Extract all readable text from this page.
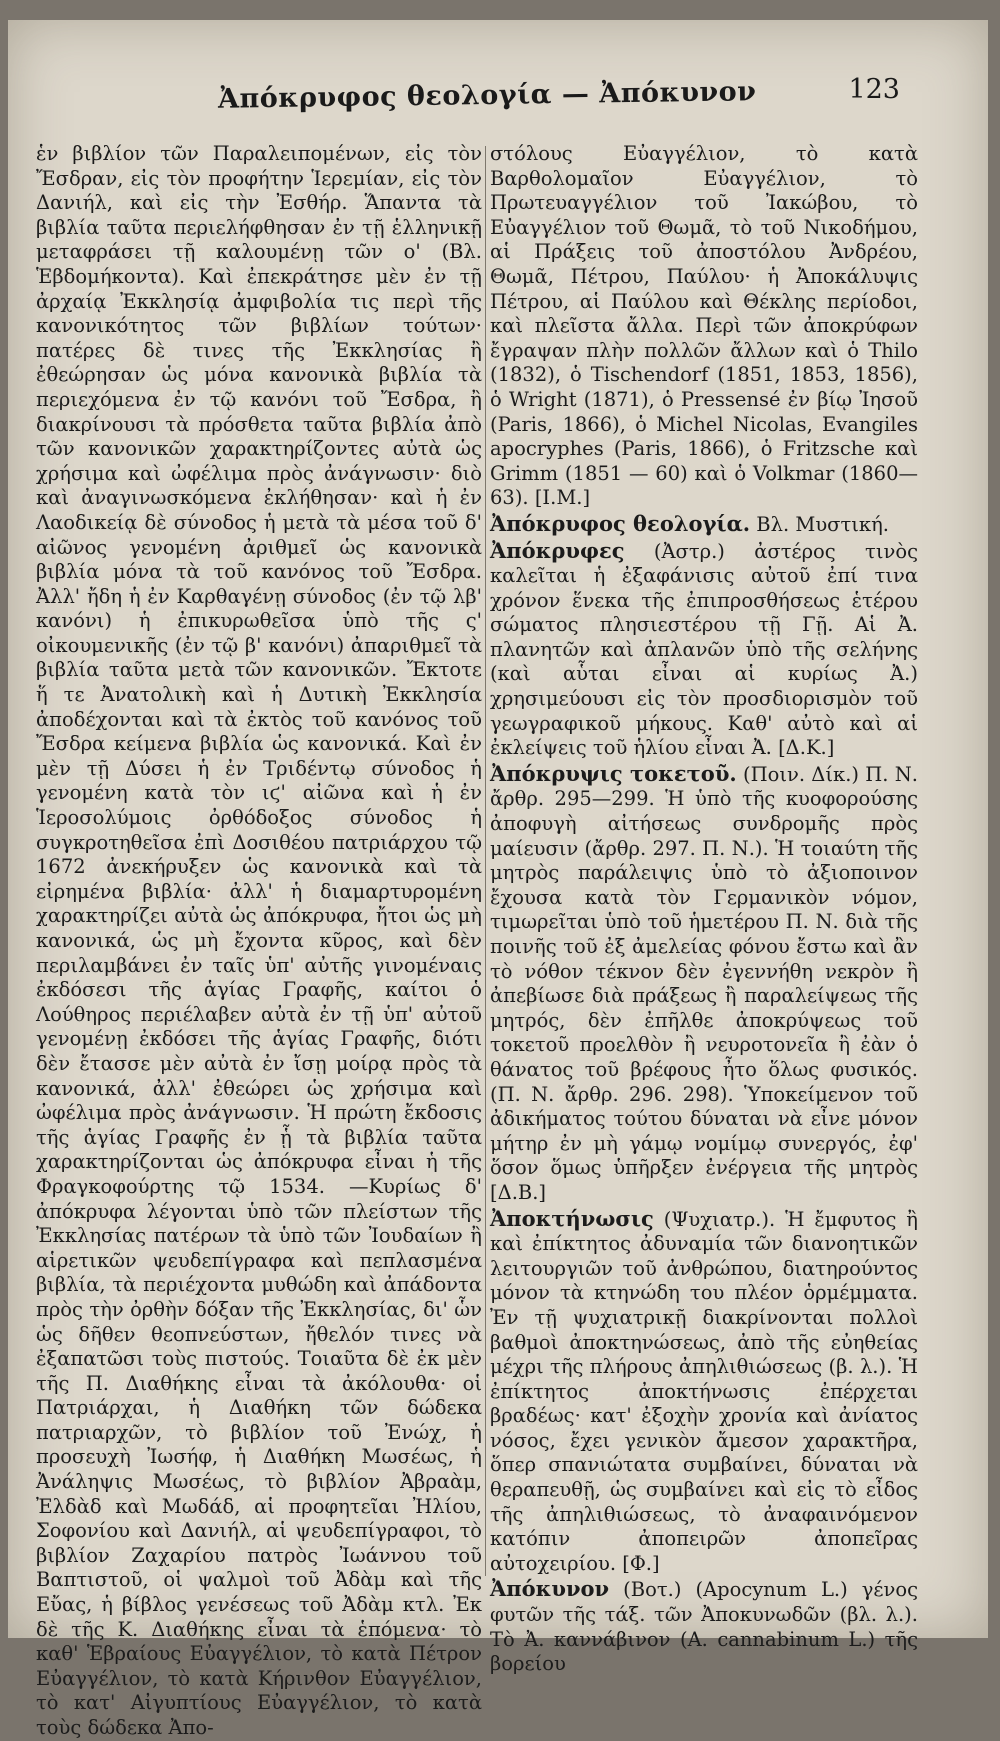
Ἀπόκρυφος θεολογία — Ἀπόκυνον	123

ἑν βιβλίον τῶν Παραλειπομένων, εἰς τὸν Ἔσδραν, εἰς τὸν προφήτην Ἱερεμίαν, εἰς τὸν Δανιήλ, καὶ εἰς τὴν Ἐσθήρ. Ἅπαντα τὰ βιβλία ταῦτα περιελήφθησαν ἐν τῇ ἑλληνικῇ μεταφράσει τῇ καλουμένῃ τῶν ο' (Βλ. Ἑβδομήκοντα). Καὶ ἐπεκράτησε μὲν ἐν τῇ ἀρχαίᾳ Ἐκκλησίᾳ ἀμφιβολία τις περὶ τῆς κανονικότητος τῶν βιβλίων τούτων· πατέρες δὲ τινες τῆς Ἐκκλησίας ἢ ἐθεώρησαν ὡς μόνα κανονικὰ βιβλία τὰ περιεχόμενα ἐν τῷ κανόνι τοῦ Ἔσδρα, ἢ διακρίνουσι τὰ πρόσθετα ταῦτα βιβλία ἀπὸ τῶν κανονικῶν χαρακτηρίζοντες αὐτὰ ὡς χρήσιμα καὶ ὠφέλιμα πρὸς ἀνάγνωσιν· διὸ καὶ ἀναγινωσκόμενα ἐκλήθησαν· καὶ ἡ ἐν Λαοδικείᾳ δὲ σύνοδος ἡ μετὰ τὰ μέσα τοῦ δ' αἰῶνος γενομένη ἀριθμεῖ ὡς κανονικὰ βιβλία μόνα τὰ τοῦ κανόνος τοῦ Ἔσδρα. Ἀλλ' ἤδη ἡ ἐν Καρθαγένῃ σύνοδος (ἐν τῷ λβ' κανόνι) ἡ ἐπικυρωθεῖσα ὑπὸ τῆς ς' οἰκουμενικῆς (ἐν τῷ β' κανόνι) ἀπαριθμεῖ τὰ βιβλία ταῦτα μετὰ τῶν κανονικῶν. Ἔκτοτε ἥ τε Ἀνατολικὴ καὶ ἡ Δυτικὴ Ἐκκλησία ἀποδέχονται καὶ τὰ ἐκτὸς τοῦ κανόνος τοῦ Ἔσδρα κείμενα βιβλία ὡς κανονικά. Καὶ ἐν μὲν τῇ Δύσει ἡ ἐν Τριδέντῳ σύνοδος ἡ γενομένη κατὰ τὸν ιϛ' αἰῶνα καὶ ἡ ἐν Ἱεροσολύμοις ὀρθόδοξος σύνοδος ἡ συγκροτηθεῖσα ἐπὶ Δοσιθέου πατριάρχου τῷ 1672 ἀνεκήρυξεν ὡς κανονικὰ καὶ τὰ εἰρημένα βιβλία· ἀλλ' ἡ διαμαρτυρομένη χαρακτηρίζει αὐτὰ ὡς ἀπόκρυφα, ἤτοι ὡς μὴ κανονικά, ὡς μὴ ἔχοντα κῦρος, καὶ δὲν περιλαμβάνει ἐν ταῖς ὑπ' αὐτῆς γινομέναις ἐκδόσεσι τῆς ἁγίας Γραφῆς, καίτοι ὁ Λούθηρος περιέλαβεν αὐτὰ ἐν τῇ ὑπ' αὐτοῦ γενομένῃ ἐκδόσει τῆς ἁγίας Γραφῆς, διότι δὲν ἔτασσε μὲν αὐτὰ ἐν ἴσῃ μοίρᾳ πρὸς τὰ κανονικά, ἀλλ' ἐθεώρει ὡς χρήσιμα καὶ ὠφέλιμα πρὸς ἀνάγνωσιν. Ἡ πρώτη ἔκδοσις τῆς ἁγίας Γραφῆς ἐν ᾗ τὰ βιβλία ταῦτα χαρακτηρίζονται ὡς ἀπόκρυφα εἶναι ἡ τῆς Φραγκοφούρτης τῷ 1534. —Κυρίως δ' ἀπόκρυφα λέγονται ὑπὸ τῶν πλείστων τῆς Ἐκκλησίας πατέρων τὰ ὑπὸ τῶν Ἰουδαίων ἢ αἱρετικῶν ψευδεπίγραφα καὶ πεπλασμένα βιβλία, τὰ περιέχοντα μυθώδη καὶ ἀπάδοντα πρὸς τὴν ὀρθὴν δόξαν τῆς Ἐκκλησίας, δι' ὧν ὡς δῆθεν θεοπνεύστων, ἤθελόν τινες νὰ ἐξαπατῶσι τοὺς πιστούς. Τοιαῦτα δὲ ἐκ μὲν τῆς Π. Διαθήκης εἶναι τὰ ἀκόλουθα· οἱ Πατριάρχαι, ἡ Διαθήκη τῶν δώδεκα πατριαρχῶν, τὸ βιβλίον τοῦ Ἐνώχ, ἡ προσευχὴ Ἰωσήφ, ἡ Διαθήκη Μωσέως, ἡ Ἀνάληψις Μωσέως, τὸ βιβλίον Ἀβραὰμ, Ἐλδὰδ καὶ Μωδάδ, αἱ προφητεῖαι Ἠλίου, Σοφονίου καὶ Δανιήλ, αἱ ψευδεπίγραφοι, τὸ βιβλίον Ζαχαρίου πατρὸς Ἰωάννου τοῦ Βαπτιστοῦ, οἱ ψαλμοὶ τοῦ Ἀδὰμ καὶ τῆς Εὔας, ἡ βίβλος γενέσεως τοῦ Ἀδὰμ κτλ. Ἐκ δὲ τῆς Κ. Διαθήκης εἶναι τὰ ἑπόμενα· τὸ καθ' Ἑβραίους Εὐαγγέλιον, τὸ κατὰ Πέτρον Εὐαγγέλιον, τὸ κατὰ Κήρινθον Εὐαγγέλιον, τὸ κατ' Αἰγυπτίους Εὐαγγέλιον, τὸ κατὰ τοὺς δώδεκα Ἀπο-

στόλους Εὐαγγέλιον, τὸ κατὰ Βαρθολομαῖον Εὐαγγέλιον, τὸ Πρωτευαγγέλιον τοῦ Ἰακώβου, τὸ Εὐαγγέλιον τοῦ Θωμᾶ, τὸ τοῦ Νικοδήμου, αἱ Πράξεις τοῦ ἀποστόλου Ἀνδρέου, Θωμᾶ, Πέτρου, Παύλου· ἡ Ἀποκάλυψις Πέτρου, αἱ Παύλου καὶ Θέκλης περίοδοι, καὶ πλεῖστα ἄλλα. Περὶ τῶν ἀποκρύφων ἔγραψαν πλὴν πολλῶν ἄλλων καὶ ὁ Thilo (1832), ὁ Tischendorf (1851, 1853, 1856), ὁ Wright (1871), ὁ Pressensé ἐν βίῳ Ἰησοῦ (Paris, 1866), ὁ Michel Nicolas, Evangiles apocryphes (Paris, 1866), ὁ Fritzsche καὶ Grimm (1851 — 60) καὶ ὁ Volkmar (1860—63). [Ι.Μ.]

Ἀπόκρυφος θεολογία. Βλ. Μυστική.

Ἀπόκρυφες (Ἀστρ.) ἀστέρος τινὸς καλεῖται ἡ ἐξαφάνισις αὐτοῦ ἐπί τινα χρόνον ἕνεκα τῆς ἐπιπροσθήσεως ἑτέρου σώματος πλησιεστέρου τῇ Γῇ. Αἱ Ἀ. πλανητῶν καὶ ἀπλανῶν ὑπὸ τῆς σελήνης (καὶ αὗται εἶναι αἱ κυρίως Ἀ.) χρησιμεύουσι εἰς τὸν προσδιορισμὸν τοῦ γεωγραφικοῦ μήκους. Καθ' αὐτὸ καὶ αἱ ἐκλείψεις τοῦ ἡλίου εἶναι Ἀ. [Δ.Κ.]

Ἀπόκρυψις τοκετοῦ. (Ποιν. Δίκ.) Π. Ν. ἄρθρ. 295—299. Ἡ ὑπὸ τῆς κυοφορούσης ἀποφυγὴ αἰτήσεως συνδρομῆς πρὸς μαίευσιν (ἄρθρ. 297. Π. Ν.). Ἡ τοιαύτη τῆς μητρὸς παράλειψις ὑπὸ τὸ ἀξιοποινον ἔχουσα κατὰ τὸν Γερμανικὸν νόμον, τιμωρεῖται ὑπὸ τοῦ ἡμετέρου Π. Ν. διὰ τῆς ποινῆς τοῦ ἐξ ἀμελείας φόνου ἔστω καὶ ἂν τὸ νόθον τέκνον δὲν ἐγεννήθη νεκρὸν ἢ ἀπεβίωσε διὰ πράξεως ἢ παραλείψεως τῆς μητρός, δὲν ἐπῆλθε ἀποκρύψεως τοῦ τοκετοῦ προελθὸν ἢ νευροτονεῖα ἢ ἐὰν ὁ θάνατος τοῦ βρέφους ἦτο ὅλως φυσικός. (Π. Ν. ἄρθρ. 296. 298). Ὑποκείμενον τοῦ ἀδικήματος τούτου δύναται νὰ εἶνε μόνον μήτηρ ἐν μὴ γάμῳ νομίμῳ συνεργός, ἐφ' ὅσον ὅμως ὑπῆρξεν ἐνέργεια τῆς μητρὸς [Δ.Β.]

Ἀποκτήνωσις (Ψυχιατρ.). Ἡ ἔμφυτος ἢ καὶ ἐπίκτητος ἀδυναμία τῶν διανοητικῶν λειτουργιῶν τοῦ ἀνθρώπου, διατηρούντος μόνον τὰ κτηνώδη του πλέον ὁρμέμματα. Ἐν τῇ ψυχιατρικῇ διακρίνονται πολλοὶ βαθμοὶ ἀποκτηνώσεως, ἀπὸ τῆς εὐηθείας μέχρι τῆς πλήρους ἀπηλιθιώσεως (β. λ.). Ἡ ἐπίκτητος ἀποκτήνωσις ἐπέρχεται βραδέως· κατ' ἐξοχὴν χρονία καὶ ἀνίατος νόσος, ἔχει γενικὸν ἄμεσον χαρακτῆρα, ὅπερ σπανιώτατα συμβαίνει, δύναται νὰ θεραπευθῇ, ὡς συμβαίνει καὶ εἰς τὸ εἶδος τῆς ἀπηλιθιώσεως, τὸ ἀναφαινόμενον κατόπιν ἀποπειρῶν ἀποπεῖρας αὐτοχειρίου. [Φ.]

Ἀπόκυνον (Βοτ.) (Apocynum L.) γένος φυτῶν τῆς τάξ. τῶν Ἀποκυνωδῶν (βλ. λ.). Τὸ Ἀ. καννάβινον (A. cannabinum L.) τῆς βορείου
